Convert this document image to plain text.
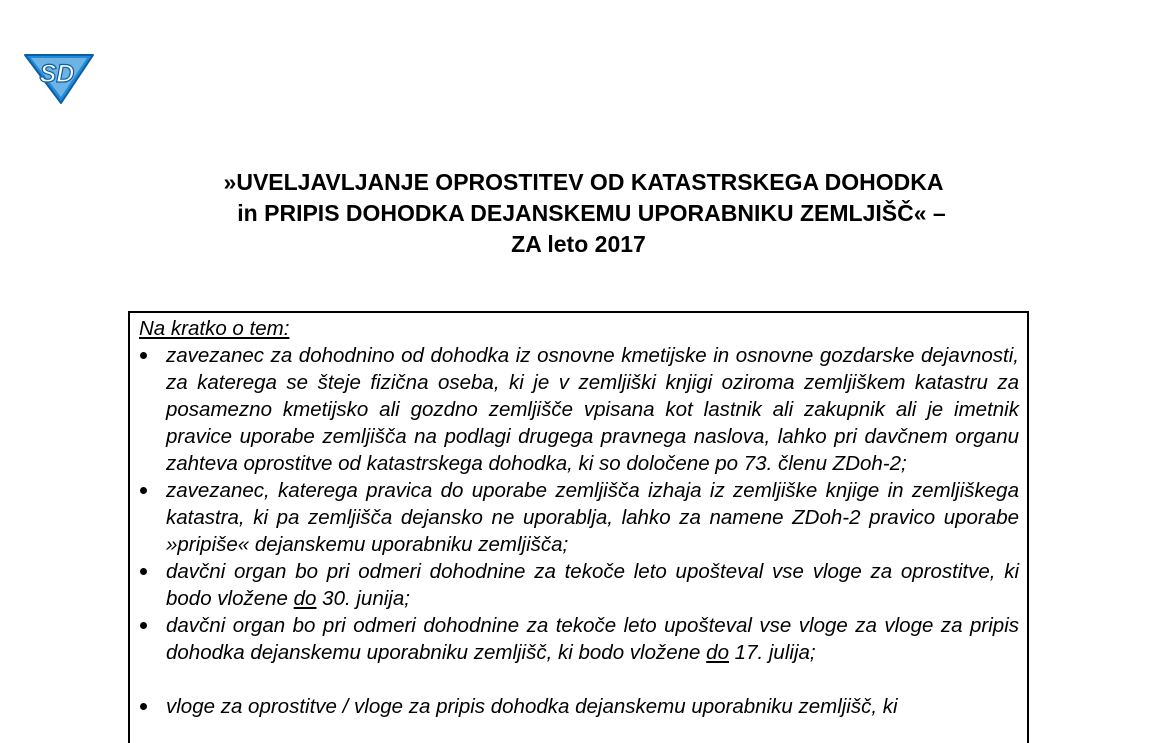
SD
»UVELJAVLJANJE OPROSTITEV OD KATASTRSKEGA DOHODKA
in PRIPIS DOHODKA DEJANSKEMU UPORABNIKU ZEMLJIŠČ« –
ZA leto 2017

Na kratko o tem:

zavezanec za dohodnino od dohodka iz osnovne kmetijske in osnovne gozdarske dejavnosti, za katerega se šteje fizična oseba, ki je v zemljiški knjigi oziroma zemljiškem katastru za posamezno kmetijsko ali gozdno zemljišče vpisana kot lastnik ali zakupnik ali je imetnik pravice uporabe zemljišča na podlagi drugega pravnega naslova, lahko pri davčnem organu zahteva oprostitve od katastrskega dohodka, ki so določene po 73. členu ZDoh-2;
zavezanec, katerega pravica do uporabe zemljišča izhaja iz zemljiške knjige in zemljiškega katastra, ki pa zemljišča dejansko ne uporablja, lahko za namene ZDoh-2 pravico uporabe »pripiše« dejanskemu uporabniku zemljišča;
davčni organ bo pri odmeri dohodnine za tekoče leto upošteval vse vloge za oprostitve, ki bodo vložene do 30. junija;
davčni organ bo pri odmeri dohodnine za tekoče leto upošteval vse vloge za vloge za pripis dohodka dejanskemu uporabniku zemljišč, ki bodo vložene do 17. julija;
vloge za oprostitve / vloge za pripis dohodka dejanskemu uporabniku zemljišč, ki
